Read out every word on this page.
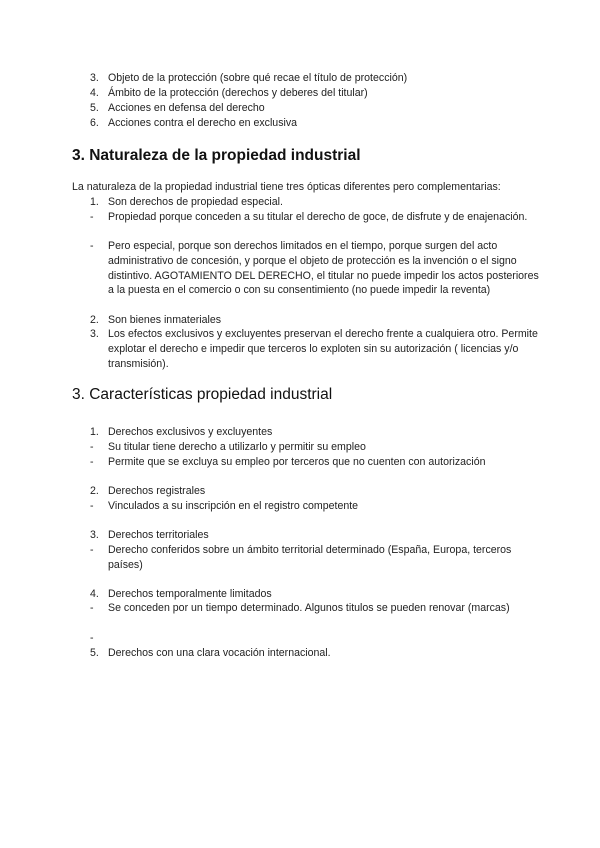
3. Objeto de la protección (sobre qué recae el título de protección)
4. Ámbito de la protección (derechos y deberes del titular)
5. Acciones en defensa del derecho
6. Acciones contra el derecho en exclusiva
3. Naturaleza de la propiedad industrial
La naturaleza de la propiedad industrial tiene tres ópticas diferentes pero complementarias:
1. Son derechos de propiedad especial.
-	Propiedad porque conceden a su titular el derecho de goce, de disfrute y de enajenación.
-	Pero especial, porque son derechos limitados en el tiempo, porque surgen del acto administrativo de concesión, y porque el objeto de protección es la invención o el signo distintivo. AGOTAMIENTO DEL DERECHO, el titular no puede impedir los actos posteriores a la puesta en el comercio o con su consentimiento (no puede impedir la reventa)
2. Son bienes inmateriales
3. Los efectos exclusivos y excluyentes preservan el derecho frente a cualquiera otro. Permite explotar el derecho e impedir que terceros lo exploten sin su autorización ( licencias y/o transmisión).
3. Características propiedad industrial
1. Derechos exclusivos y excluyentes
-	Su titular tiene derecho a utilizarlo y permitir su empleo
-	Permite que se excluya su empleo por terceros que no cuenten con autorización
2. Derechos registrales
-	Vinculados a su inscripción en el registro competente
3. Derechos territoriales
-	Derecho conferidos sobre un ámbito territorial determinado (España, Europa, terceros países)
4. Derechos temporalmente limitados
-	Se conceden por un tiempo determinado. Algunos titulos se pueden renovar (marcas)
-
5. Derechos con una clara vocación internacional.
